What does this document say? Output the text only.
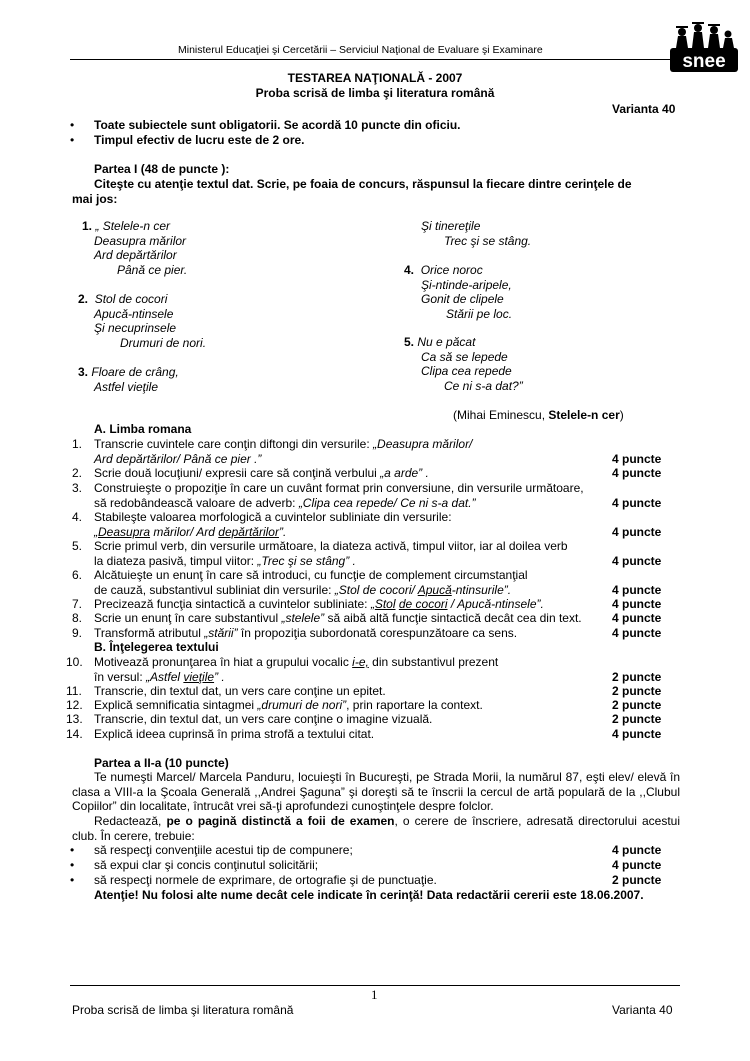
Ministerul Educaţiei şi Cercetării – Serviciul Naţional de Evaluare şi Examinare
snee
TESTAREA NAŢIONALĂ - 2007
Proba scrisă de limba şi literatura română
Varianta 40
• Toate subiectele sunt obligatorii. Se acordă 10 puncte din oficiu.
• Timpul efectiv de lucru este de 2 ore.
Partea I (48 de puncte ):
Citeşte cu atenţie textul dat. Scrie, pe foaia de concurs, răspunsul la fiecare dintre cerinţele de
mai jos:
1. „ Stelele-n cer
Deasupra mărilor
Ard depărtărilor
Până ce pier.
2. Stol de cocori
Apucă-ntinsele
Şi necuprinsele
Drumuri de nori.
3. Floare de crâng,
Astfel vieţile
Şi tinereţile
Trec şi se stâng.
4. Orice noroc
Şi-ntinde-aripele,
Gonit de clipele
Stării pe loc.
5. Nu e păcat
Ca să se lepede
Clipa cea repede
Ce ni s-a dat?”
(Mihai Eminescu, Stelele-n cer)
A. Limba romana
1. Transcrie cuvintele care conţin diftongi din versurile: „Deasupra mărilor/
Ard depărtărilor/ Până ce pier .”	4 puncte
2. Scrie două locuţiuni/ expresii care să conţină verbului „a arde” .	4 puncte
3. Construieşte o propoziţie în care un cuvânt format prin conversiune, din versurile următoare,
să redobândească valoare de adverb: „Clipa cea repede/ Ce ni s-a dat.”	4 puncte
4. Stabileşte valoarea morfologică a cuvintelor subliniate din versurile:
„Deasupra mărilor/ Ard depărtărilor”.	4 puncte
5. Scrie primul verb, din versurile următoare, la diateza activă, timpul viitor, iar al doilea verb
la diateza pasivă, timpul viitor: „Trec şi se stâng” .	4 puncte
6. Alcătuieşte un enunţ în care să introduci, cu funcţie de complement circumstanţial
de cauză, substantivul subliniat din versurile: „Stol de cocori/ Apucă-ntinsurile”.	4 puncte
7. Precizează funcţia sintactică a cuvintelor subliniate: „Stol de cocori / Apucă-ntinsele”.	4 puncte
8. Scrie un enunţ în care substantivul „stelele” să aibă altă funcţie sintactică decât cea din text.	4 puncte
9. Transformă atributul „stării” în propoziţia subordonată corespunzătoare ca sens.	4 puncte
B. Înţelegerea textului
10. Motivează pronunţarea în hiat a grupului vocalic i-e, din substantivul prezent
în versul: „Astfel vieţile” .	2 puncte
11. Transcrie, din textul dat, un vers care conţine un epitet.	2 puncte
12. Explică semnificatia sintagmei „drumuri de nori”, prin raportare la context.	2 puncte
13. Transcrie, din textul dat, un vers care conţine o imagine vizuală.	2 puncte
14. Explică ideea cuprinsă în prima strofă a textului citat.	4 puncte
Partea a II-a (10 puncte)
Te numeşti Marcel/ Marcela Panduru, locuieşti în Bucureşti, pe Strada Morii, la numărul 87, eşti elev/ elevă în clasa a VIII-a la Şcoala Generală ,,Andrei Şaguna” şi doreşti să te înscrii la cercul de artă populară de la ,,Clubul Copiilor” din localitate, întrucât vrei să-ţi aprofundezi cunoştinţele despre folclor.
Redactează, pe o pagină distinctă a foii de examen, o cerere de înscriere, adresată directorului acestui club. În cerere, trebuie:
• să respecţi convenţiile acestui tip de compunere;	4 puncte
• să expui clar şi concis conţinutul solicitării;	4 puncte
• să respecţi normele de exprimare, de ortografie şi de punctuaţie.	2 puncte
Atenţie! Nu folosi alte nume decât cele indicate în cerinţă! Data redactării cererii este 18.06.2007.
1
Proba scrisă de limba şi literatura română	Varianta 40
